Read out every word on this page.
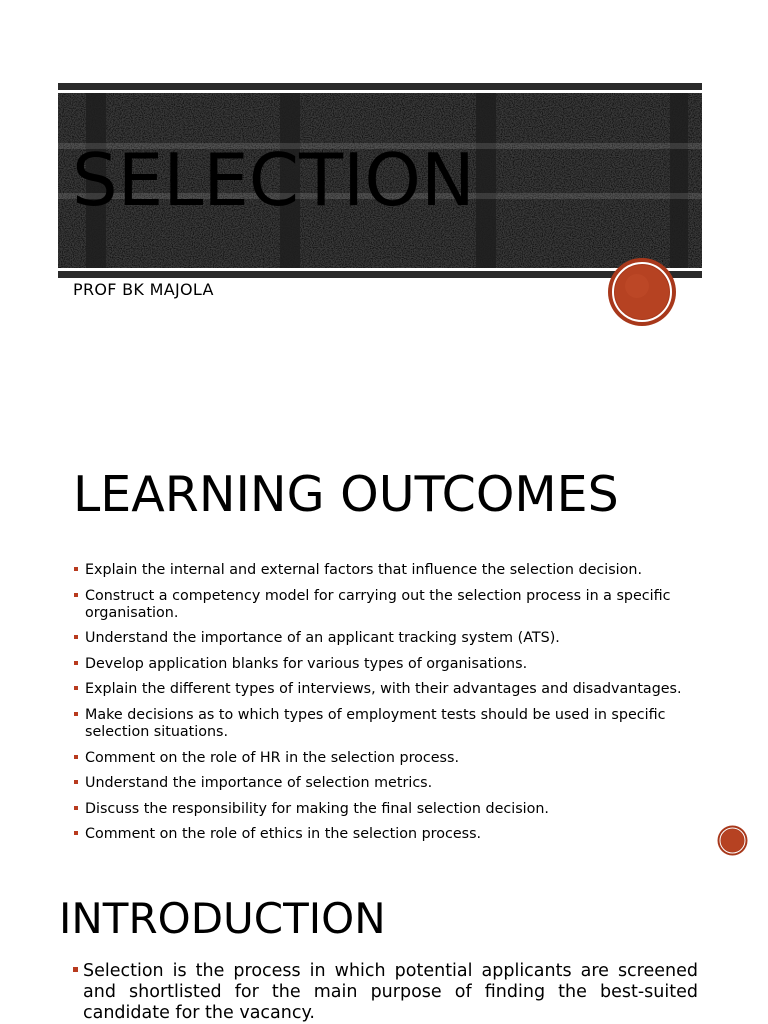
SELECTION
PROF BK MAJOLA
LEARNING OUTCOMES
Explain the internal and external factors that influence the selection decision.
Construct a competency model for carrying out the selection process in a specific organisation.
Understand the importance of an applicant tracking system (ATS).
Develop application blanks for various types of organisations.
Explain the different types of interviews, with their advantages and disadvantages.
Make decisions as to which types of employment tests should be used in specific selection situations.
Comment on the role of HR in the selection process.
Understand the importance of selection metrics.
Discuss the responsibility for making the final selection decision.
Comment on the role of ethics in the selection process.
INTRODUCTION
Selection is the process in which potential applicants are screened and shortlisted for the main purpose of finding the best-suited candidate for the vacancy.
